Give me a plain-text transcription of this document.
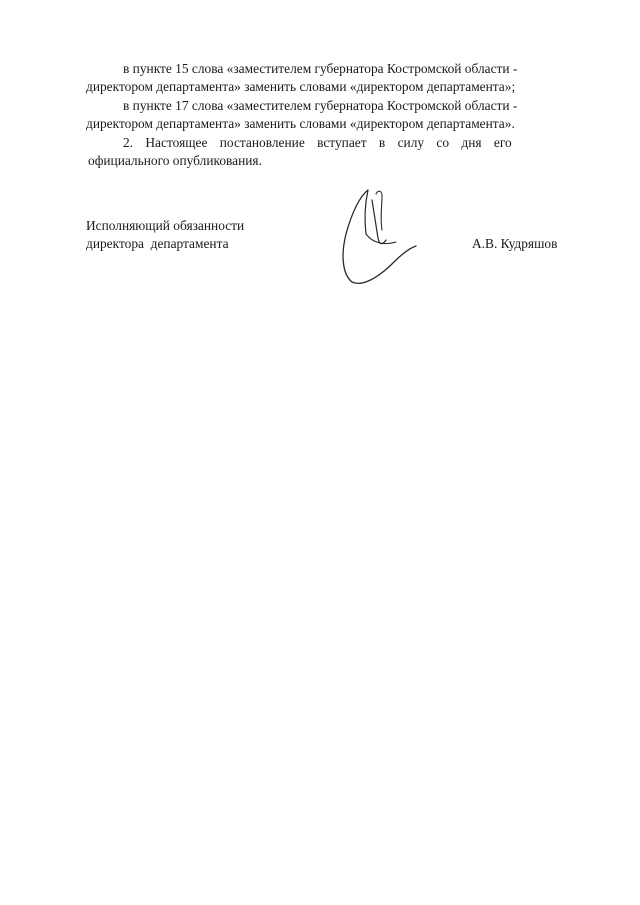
в пункте 15 слова «заместителем губернатора Костромской области -
директором департамента» заменить словами «директором департамента»;

в пункте 17 слова «заместителем губернатора Костромской области -
директором департамента» заменить словами «директором департамента».

2. Настоящее постановление вступает в силу со дня его
официального опубликования.

Исполняющий обязанности
директора  департамента	А.В. Кудряшов
